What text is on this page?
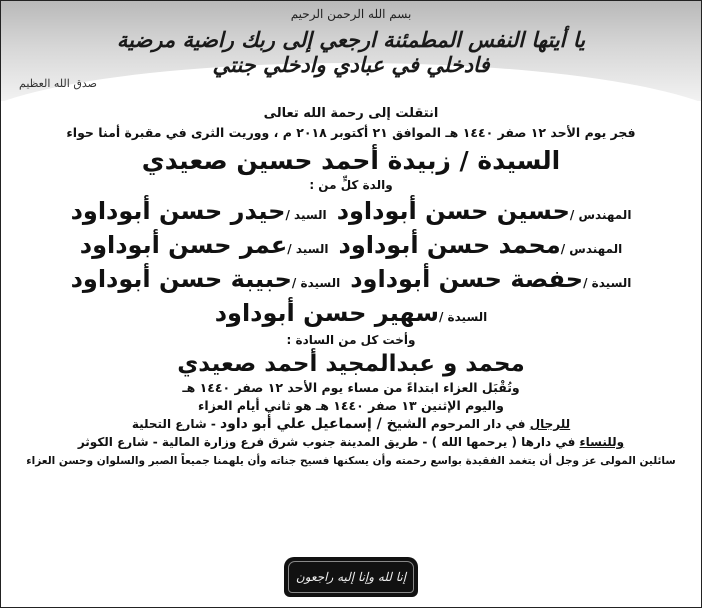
بسم الله الرحمن الرحيم
يا أيتها النفس المطمئنة ارجعي إلى ربك راضية مرضية فادخلي في عبادي وادخلي جنتي
صدق الله العظيم
انتقلت إلى رحمة الله تعالى
فجر يوم الأحد ١٢ صفر ١٤٤٠ هـ الموافق ٢١ أكتوبر ٢٠١٨ م ، ووريت الثرى في مقبرة أمنا حواء
السيدة / زبيدة أحمد حسين صعيدي
والدة كلٍّ من :
المهندس /
حسين حسن أبوداود
السيد /
حيدر حسن أبوداود
المهندس /
محمد حسن أبوداود
السيد /
عمر حسن أبوداود
السيدة /
حفصة حسن أبوداود
السيدة /
حبيبة حسن أبوداود
السيدة /
سهير حسن أبوداود
وأخت كل من السادة :
محمد و عبدالمجيد أحمد صعيدي
وتُقْبَل العزاء ابتداءً من مساء يوم الأحد ١٢ صفر ١٤٤٠ هـ
واليوم الإثنين ١٣ صفر ١٤٤٠ هـ هو ثاني أيام العزاء
للرجال في دار المرحوم الشيخ / إسماعيل علي أبو داود - شارع التحلية
وللنساء في دارها ( يرحمها الله ) - طريق المدينة جنوب شرق فرع وزارة المالية - شارع الكوثر
سائلين المولى عز وجل أن يتغمد الفقيدة بواسع رحمته وأن يسكنها فسيح جناته وأن يلهمنا جميعاً الصبر والسلوان وحسن العزاء
إنا لله وإنا إليه راجعون
